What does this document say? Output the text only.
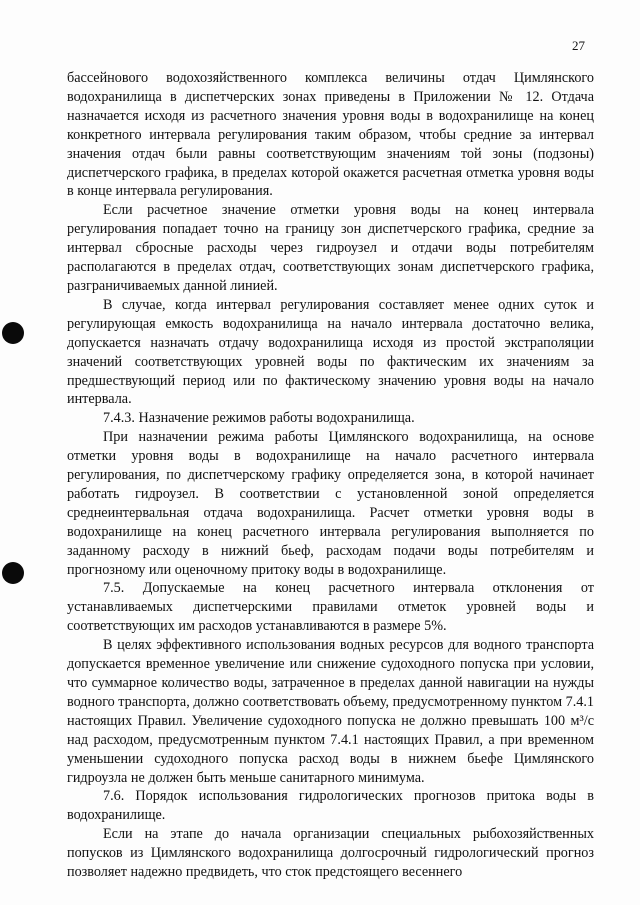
27

бассейнового водохозяйственного комплекса величины отдач Цимлянского водохранилища в диспетчерских зонах приведены в Приложении № 12. Отдача назначается исходя из расчетного значения уровня воды в водохранилище на конец конкретного интервала регулирования таким образом, чтобы средние за интервал значения отдач были равны соответствующим значениям той зоны (подзоны) диспетчерского графика, в пределах которой окажется расчетная отметка уровня воды в конце интервала регулирования.

Если расчетное значение отметки уровня воды на конец интервала регулирования попадает точно на границу зон диспетчерского графика, средние за интервал сбросные расходы через гидроузел и отдачи воды потребителям располагаются в пределах отдач, соответствующих зонам диспетчерского графика, разграничиваемых данной линией.

В случае, когда интервал регулирования составляет менее одних суток и регулирующая емкость водохранилища на начало интервала достаточно велика, допускается назначать отдачу водохранилища исходя из простой экстраполяции значений соответствующих уровней воды по фактическим их значениям за предшествующий период или по фактическому значению уровня воды на начало интервала.

7.4.3. Назначение режимов работы водохранилища.

При назначении режима работы Цимлянского водохранилища, на основе отметки уровня воды в водохранилище на начало расчетного интервала регулирования, по диспетчерскому графику определяется зона, в которой начинает работать гидроузел. В соответствии с установленной зоной определяется среднеинтервальная отдача водохранилища. Расчет отметки уровня воды в водохранилище на конец расчетного интервала регулирования выполняется по заданному расходу в нижний бьеф, расходам подачи воды потребителям и прогнозному или оценочному притоку воды в водохранилище.

7.5. Допускаемые на конец расчетного интервала отклонения от устанавливаемых диспетчерскими правилами отметок уровней воды и соответствующих им расходов устанавливаются в размере 5%.

В целях эффективного использования водных ресурсов для водного транспорта допускается временное увеличение или снижение судоходного попуска при условии, что суммарное количество воды, затраченное в пределах данной навигации на нужды водного транспорта, должно соответствовать объему, предусмотренному пунктом 7.4.1 настоящих Правил. Увеличение судоходного попуска не должно превышать 100 м³/с над расходом, предусмотренным пунктом 7.4.1 настоящих Правил, а при временном уменьшении судоходного попуска расход воды в нижнем бьефе Цимлянского гидроузла не должен быть меньше санитарного минимума.

7.6. Порядок использования гидрологических прогнозов притока воды в водохранилище.

Если на этапе до начала организации специальных рыбохозяйственных попусков из Цимлянского водохранилища долгосрочный гидрологический прогноз позволяет надежно предвидеть, что сток предстоящего весеннего
